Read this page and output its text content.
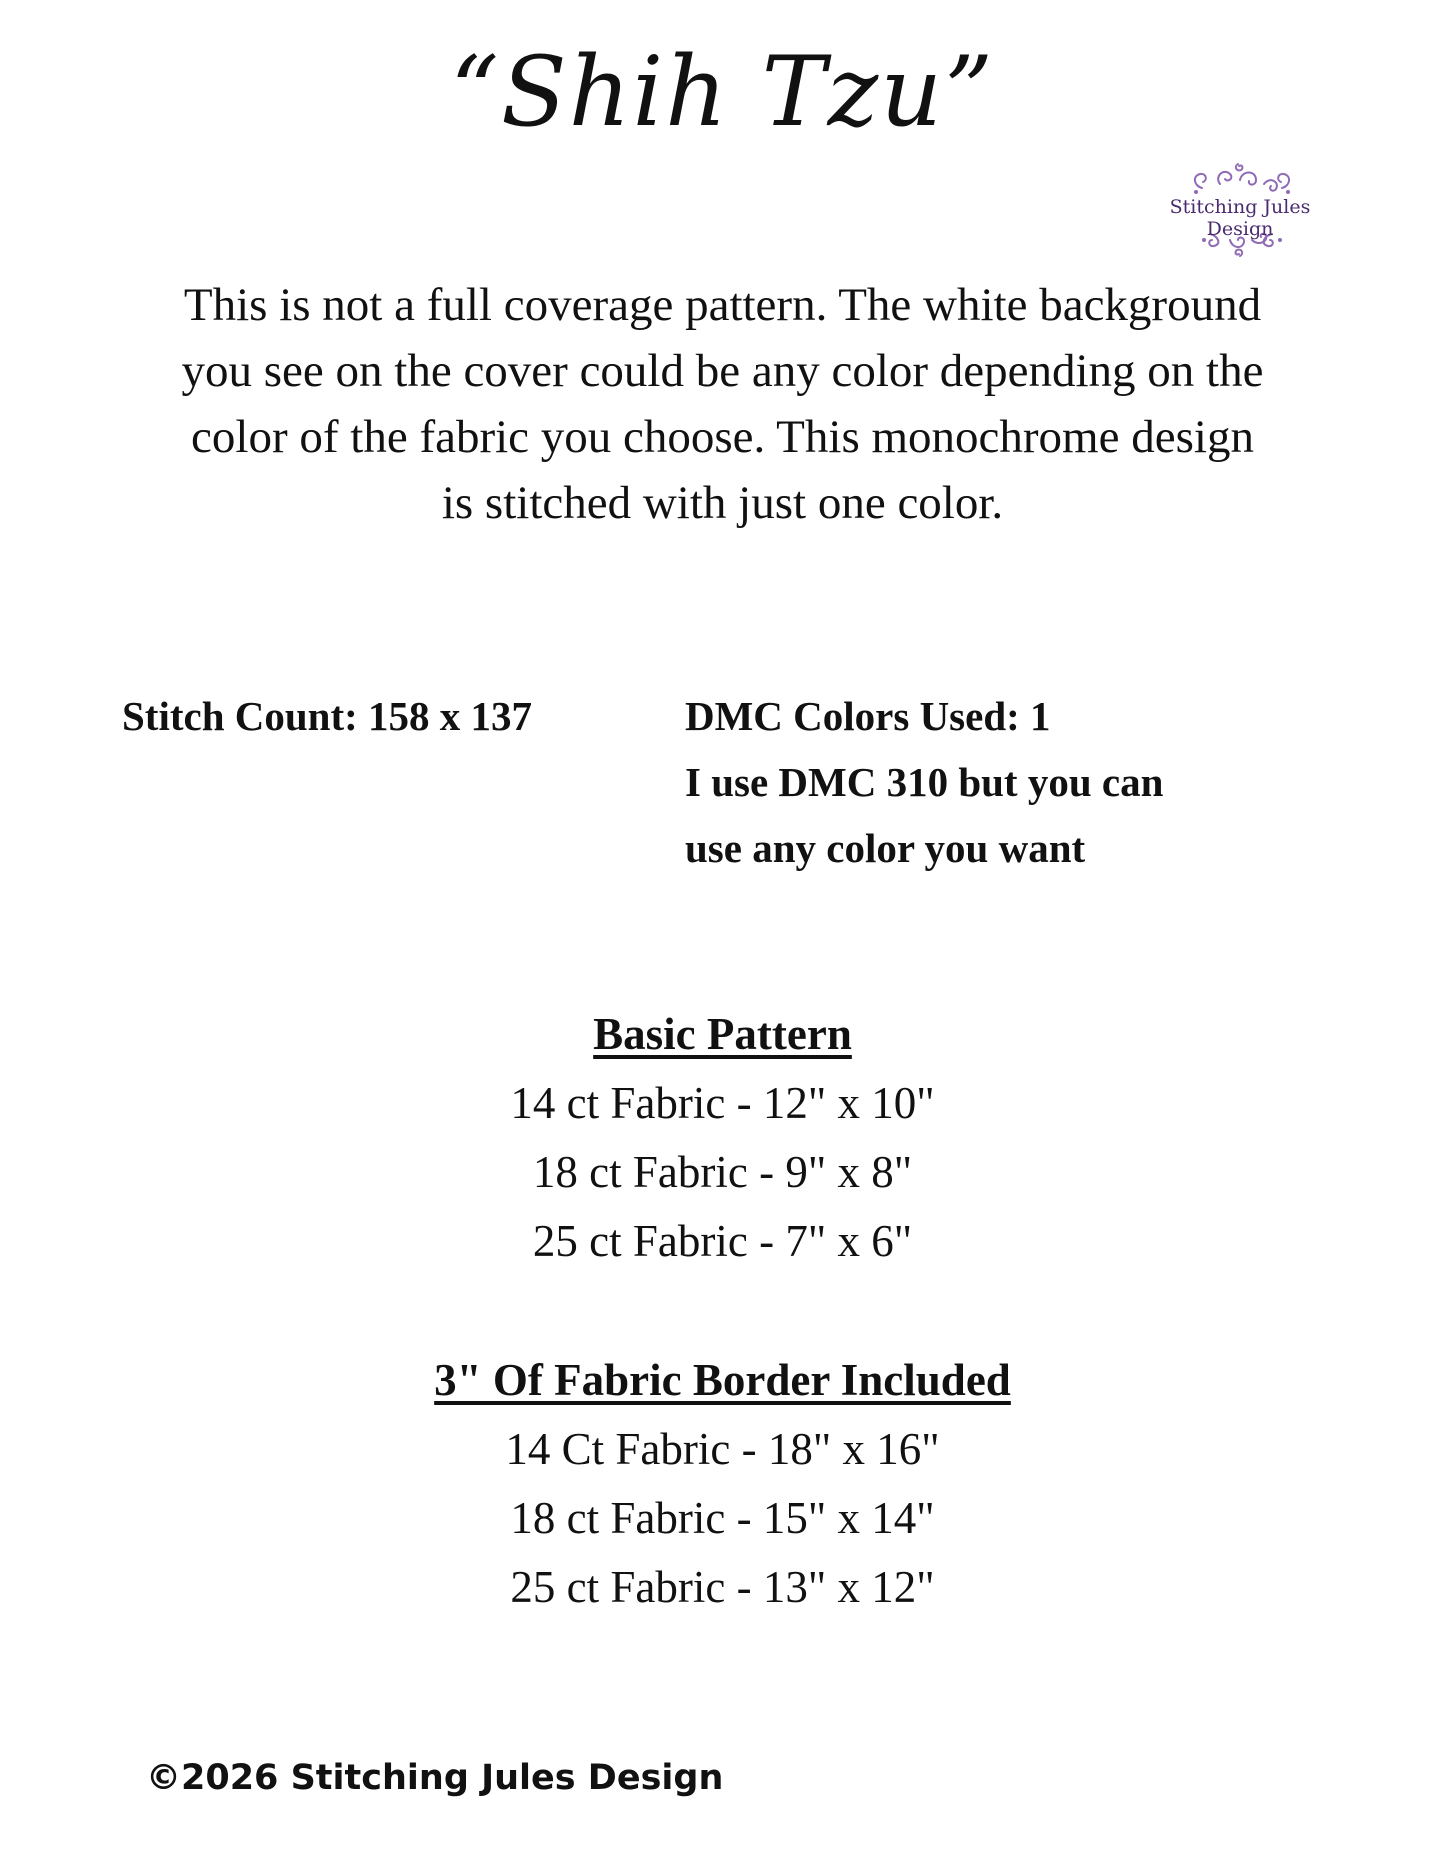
“Shih Tzu”
Stitching Jules Design
This is not a full coverage pattern. The white background
you see on the cover could be any color depending on the
color of the fabric you choose. This monochrome design
is stitched with just one color.
Stitch Count: 158 x 137	DMC Colors Used: 1
I use DMC 310 but you can
use any color you want
Basic Pattern
14 ct Fabric - 12" x 10"
18 ct Fabric - 9" x 8"
25 ct Fabric - 7" x 6"
3" Of Fabric Border Included
14 Ct Fabric - 18" x 16"
18 ct Fabric - 15" x 14"
25 ct Fabric - 13" x 12"
©2026 Stitching Jules Design
